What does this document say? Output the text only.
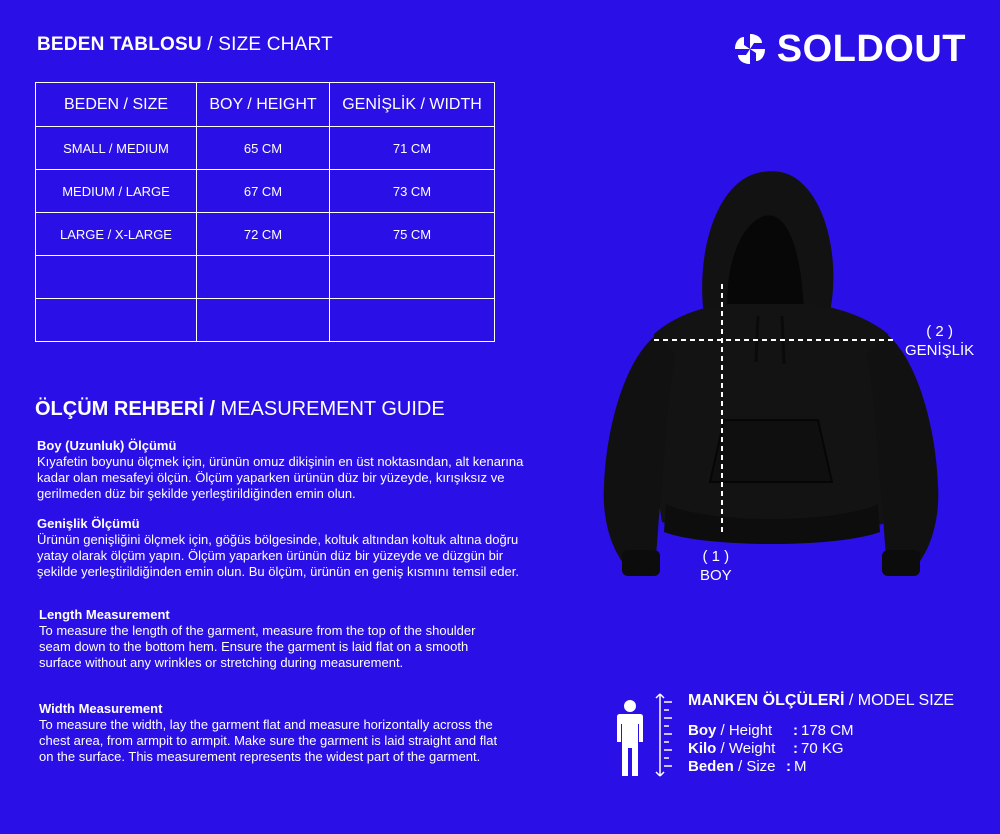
BEDEN TABLOSU / SIZE CHART	SOLDOUT
BEDEN / SIZE	BOY / HEIGHT	GENİŞLİK / WIDTH
SMALL / MEDIUM	65 CM	71 CM
MEDIUM / LARGE	67 CM	73 CM
LARGE / X-LARGE	72 CM	75 CM

ÖLÇÜM REHBERİ / MEASUREMENT GUIDE
Boy (Uzunluk) Ölçümü
Kıyafetin boyunu ölçmek için, ürünün omuz dikişinin en üst noktasından, alt kenarına kadar olan mesafeyi ölçün. Ölçüm yaparken ürünün düz bir yüzeyde, kırışıksız ve gerilmeden düz bir şekilde yerleştirildiğinden emin olun.
Genişlik Ölçümü
Ürünün genişliğini ölçmek için, göğüs bölgesinde, koltuk altından koltuk altına doğru yatay olarak ölçüm yapın. Ölçüm yaparken ürünün düz bir yüzeyde ve düzgün bir şekilde yerleştirildiğinden emin olun. Bu ölçüm, ürünün en geniş kısmını temsil eder.
Length Measurement
To measure the length of the garment, measure from the top of the shoulder seam down to the bottom hem. Ensure the garment is laid flat on a smooth surface without any wrinkles or stretching during measurement.
Width Measurement
To measure the width, lay the garment flat and measure horizontally across the chest area, from armpit to armpit. Make sure the garment is laid straight and flat on the surface. This measurement represents the widest part of the garment.
( 2 )
GENİŞLİK
( 1 )
BOY
MANKEN ÖLÇÜLERİ / MODEL SIZE
Boy / Height	: 178 CM
Kilo / Weight	: 70 KG
Beden / Size : M
